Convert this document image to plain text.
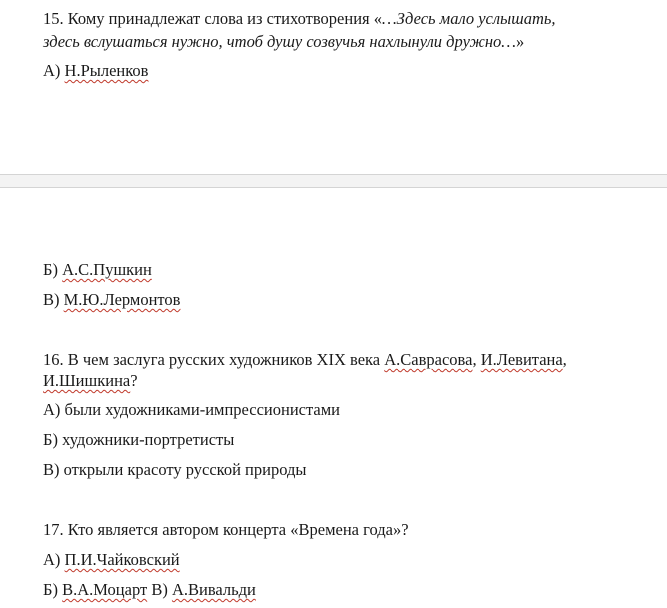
15. Кому принадлежат слова из стихотворения «…Здесь мало услышать,
здесь вслушаться нужно, чтоб душу созвучья нахлынули дружно…»
А) Н.Рыленков
Б) А.С.Пушкин
В) М.Ю.Лермонтов
16. В чем заслуга русских художников XIX века А.Саврасова, И.Левитана,
И.Шишкина?
А) были художниками-импрессионистами
Б) художники-портретисты
В) открыли красоту русской природы
17. Кто является автором концерта «Времена года»?
А) П.И.Чайковский
Б) В.А.Моцарт В) А.Вивальди
